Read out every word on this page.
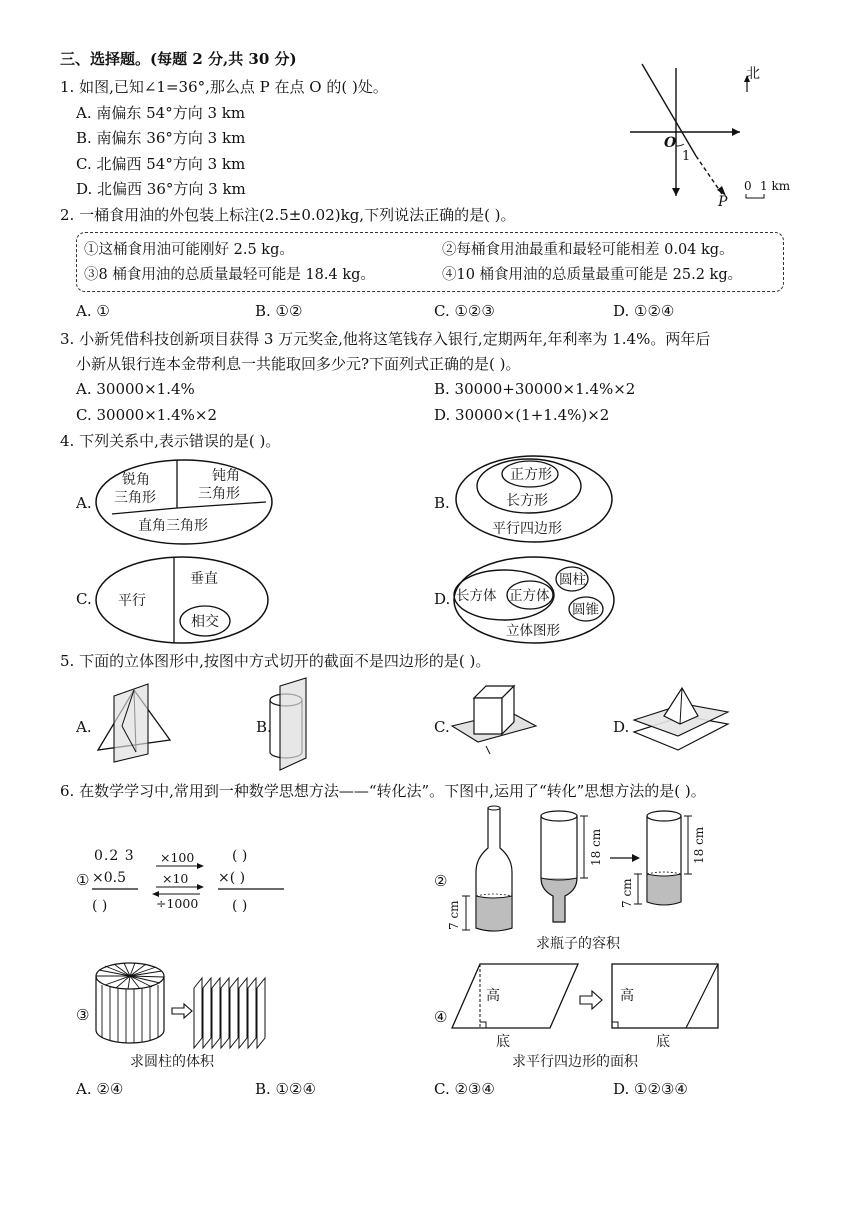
三、选择题。(每题 2 分,共 30 分)
1. 如图,已知∠1=36°,那么点 P 在点 O 的( )处。
A. 南偏东 54°方向 3 km
B. 南偏东 36°方向 3 km
C. 北偏西 54°方向 3 km
D. 北偏西 36°方向 3 km
北
O
1
P
0 1 km
2. 一桶食用油的外包装上标注(2.5±0.02)kg,下列说法正确的是( )。
①这桶食用油可能刚好 2.5 kg。	②每桶食用油最重和最轻可能相差 0.04 kg。
③8 桶食用油的总质量最轻可能是 18.4 kg。	④10 桶食用油的总质量最重可能是 25.2 kg。
A. ①	B. ①②	C. ①②③	D. ①②④
3. 小新凭借科技创新项目获得 3 万元奖金,他将这笔钱存入银行,定期两年,年利率为 1.4%。两年后
小新从银行连本金带利息一共能取回多少元?下面列式正确的是( )。
A. 30000×1.4%	B. 30000+30000×1.4%×2
C. 30000×1.4%×2	D. 30000×(1+1.4%)×2
4. 下列关系中,表示错误的是( )。
A.
锐角
三角形
钝角
三角形
直角三角形
B.
正方形
长方形
平行四边形
C. 平行
垂直
相交
D. 长方体 正方体
圆柱
圆锥
立体图形
5. 下面的立体图形中,按图中方式切开的截面不是四边形的是( )。
A.	B.	C.	D.
6. 在数学学习中,常用到一种数学思想方法——“转化法”。下图中,运用了“转化”思想方法的是( )。
①
0.2 3
×0.5
( )
×100
×10
÷1000
( )
×( )
( )
②
7 cm
18 cm	18 cm
7 cm
求瓶子的容积
③
求圆柱的体积
④
高
底
高
底
求平行四边形的面积
A. ②④	B. ①②④	C. ②③④	D. ①②③④
